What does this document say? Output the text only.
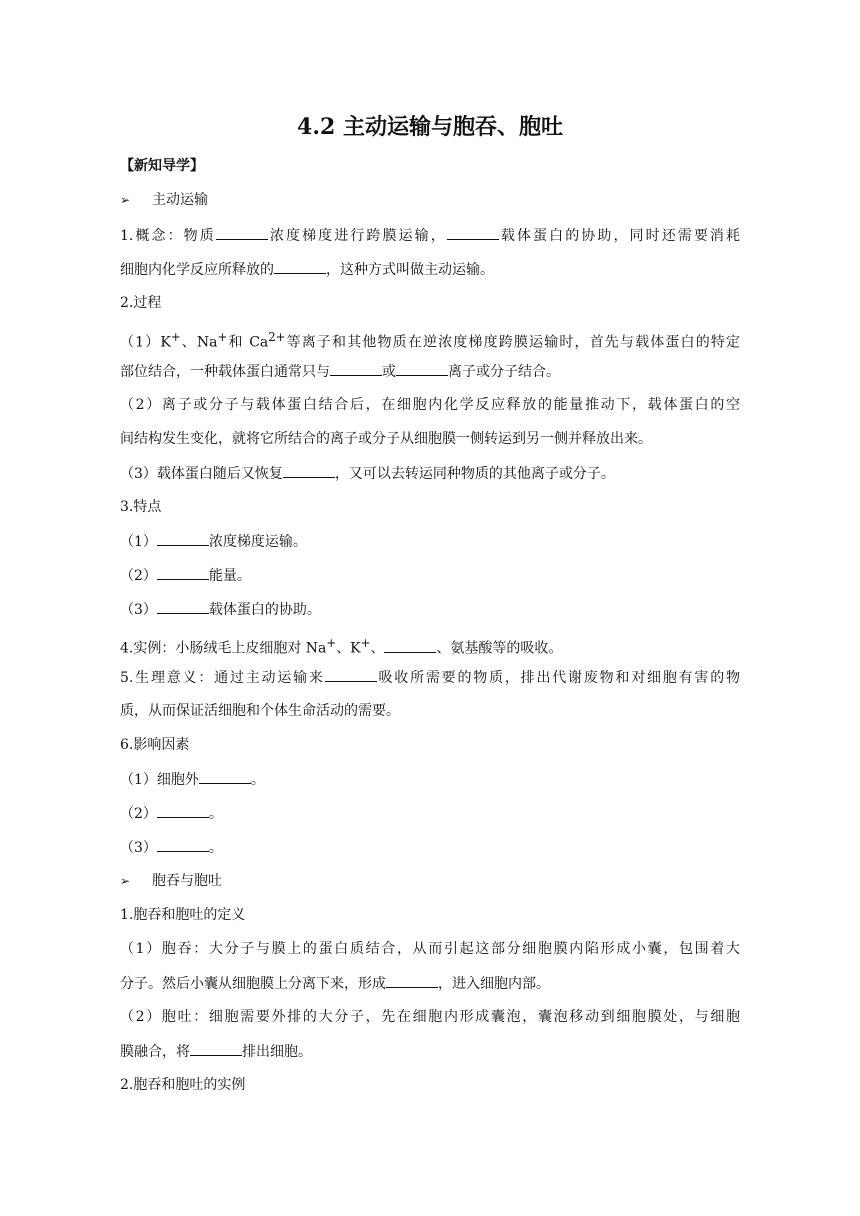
4.2 主动运输与胞吞、胞吐
【新知导学】
➢ 主动运输
1.概念：物质	浓度梯度进行跨膜运输，	载体蛋白的协助，同时还需要消耗
细胞内化学反应所释放的	，这种方式叫做主动运输。
2.过程
（1）K+、Na+和 $Ca^{2+}$等离子和其他物质在逆浓度梯度跨膜运输时，首先与载体蛋白的特定
部位结合，一种载体蛋白通常只与	或	离子或分子结合。
（2）离子或分子与载体蛋白结合后，在细胞内化学反应释放的能量推动下，载体蛋白的空
间结构发生变化，就将它所结合的离子或分子从细胞膜一侧转运到另一侧并释放出来。
（3）载体蛋白随后又恢复	，又可以去转运同种物质的其他离子或分子。
3.特点
（1）	浓度梯度运输。
（2）	能量。
（3）	载体蛋白的协助。
4.实例：小肠绒毛上皮细胞对 Na+、K+、	、氨基酸等的吸收。
5.生理意义：通过主动运输来	吸收所需要的物质，排出代谢废物和对细胞有害的物
质，从而保证活细胞和个体生命活动的需要。
6.影响因素
（1）细胞外	。
（2）	。
（3）	。
➢ 胞吞与胞吐
1.胞吞和胞吐的定义
（1）胞吞：大分子与膜上的蛋白质结合，从而引起这部分细胞膜内陷形成小囊，包围着大
分子。然后小囊从细胞膜上分离下来，形成	，进入细胞内部。
（2）胞吐：细胞需要外排的大分子，先在细胞内形成囊泡，囊泡移动到细胞膜处，与细胞
膜融合，将	排出细胞。
2.胞吞和胞吐的实例
